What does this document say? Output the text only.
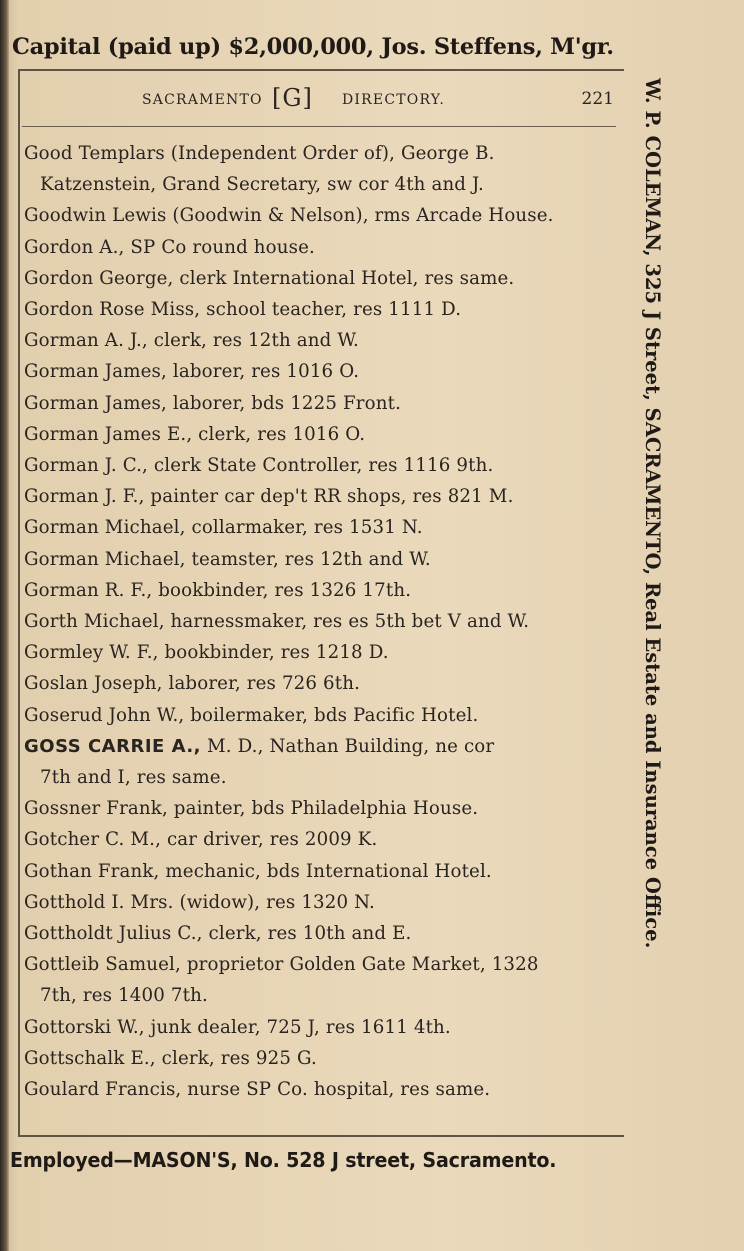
Capital (paid up) $2,000,000, Jos. Steffens, M'gr.
SACRAMENTO [G] DIRECTORY.	221
Good Templars (Independent Order of), George B.
Katzenstein, Grand Secretary, sw cor 4th and J.
Goodwin Lewis (Goodwin & Nelson), rms Arcade House.
Gordon A., SP Co round house.
Gordon George, clerk International Hotel, res same.
Gordon Rose Miss, school teacher, res 1111 D.
Gorman A. J., clerk, res 12th and W.
Gorman James, laborer, res 1016 O.
Gorman James, laborer, bds 1225 Front.
Gorman James E., clerk, res 1016 O.
Gorman J. C., clerk State Controller, res 1116 9th.
Gorman J. F., painter car dep't RR shops, res 821 M.
Gorman Michael, collarmaker, res 1531 N.
Gorman Michael, teamster, res 12th and W.
Gorman R. F., bookbinder, res 1326 17th.
Gorth Michael, harnessmaker, res es 5th bet V and W.
Gormley W. F., bookbinder, res 1218 D.
Goslan Joseph, laborer, res 726 6th.
Goserud John W., boilermaker, bds Pacific Hotel.
GOSS CARRIE A., M. D., Nathan Building, ne cor
7th and I, res same.
Gossner Frank, painter, bds Philadelphia House.
Gotcher C. M., car driver, res 2009 K.
Gothan Frank, mechanic, bds International Hotel.
Gotthold I. Mrs. (widow), res 1320 N.
Gottholdt Julius C., clerk, res 10th and E.
Gottleib Samuel, proprietor Golden Gate Market, 1328
7th, res 1400 7th.
Gottorski W., junk dealer, 725 J, res 1611 4th.
Gottschalk E., clerk, res 925 G.
Goulard Francis, nurse SP Co. hospital, res same.
W. P. COLEMAN, 325 J Street, SACRAMENTO, Real Estate and Insurance Office.
Employed—MASON'S, No. 528 J street, Sacramento.
